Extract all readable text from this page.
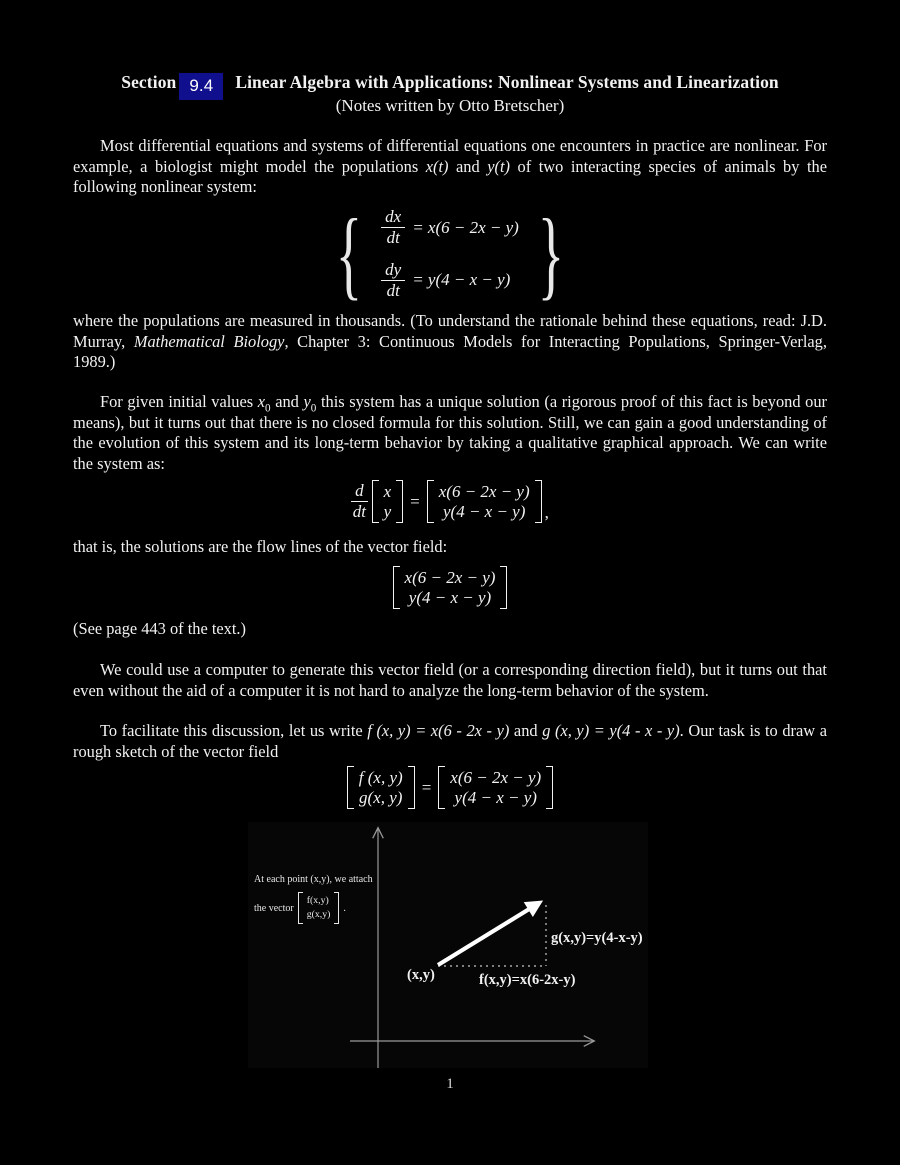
Section 9.4 Linear Algebra with Applications: Nonlinear Systems and Linearization
(Notes written by Otto Bretscher)
Most differential equations and systems of differential equations one encounters in practice are nonlinear. For example, a biologist might model the populations x(t) and y(t) of two interacting species of animals by the following nonlinear system:
{ $\frac{dx}{dt} = x(6 - 2x - y)$
$\frac{dy}{dt} = y(4 - x - y)$ }
where the populations are measured in thousands. (To understand the rationale behind these equations, read: J.D. Murray, Mathematical Biology, Chapter 3: Continuous Models for Interacting Populations, Springer-Verlag, 1989.)
For given initial values $x_0$ and $y_0$ this system has a unique solution (a rigorous proof of this fact is beyond our means), but it turns out that there is no closed formula for this solution. Still, we can gain a good understanding of the evolution of this system and its long-term behavior by taking a qualitative graphical approach. We can write the system as:
$\frac{d}{dt}$ x
y
=
x(6 − 2x − y)
y(4 − x − y) ,
that is, the solutions are the flow lines of the vector field:
x(6 − 2x − y)
y(4 − x − y)
(See page 443 of the text.)
We could use a computer to generate this vector field (or a corresponding direction field), but it turns out that even without the aid of a computer it is not hard to analyze the long-term behavior of the system.
To facilitate this discussion, let us write f (x, y) = x(6 - 2x - y) and g (x, y) = y(4 - x - y). Our task is to draw a rough sketch of the vector field
f (x, y)
g(x, y)
=
x(6 − 2x − y)
y(4 − x − y)
(x,y)	f(x,y)=x(6-2x-y)
g(x,y)=y(4-x-y)
At each point (x,y), we attach
the vector
f(x,y)
g(x,y)
.
1
